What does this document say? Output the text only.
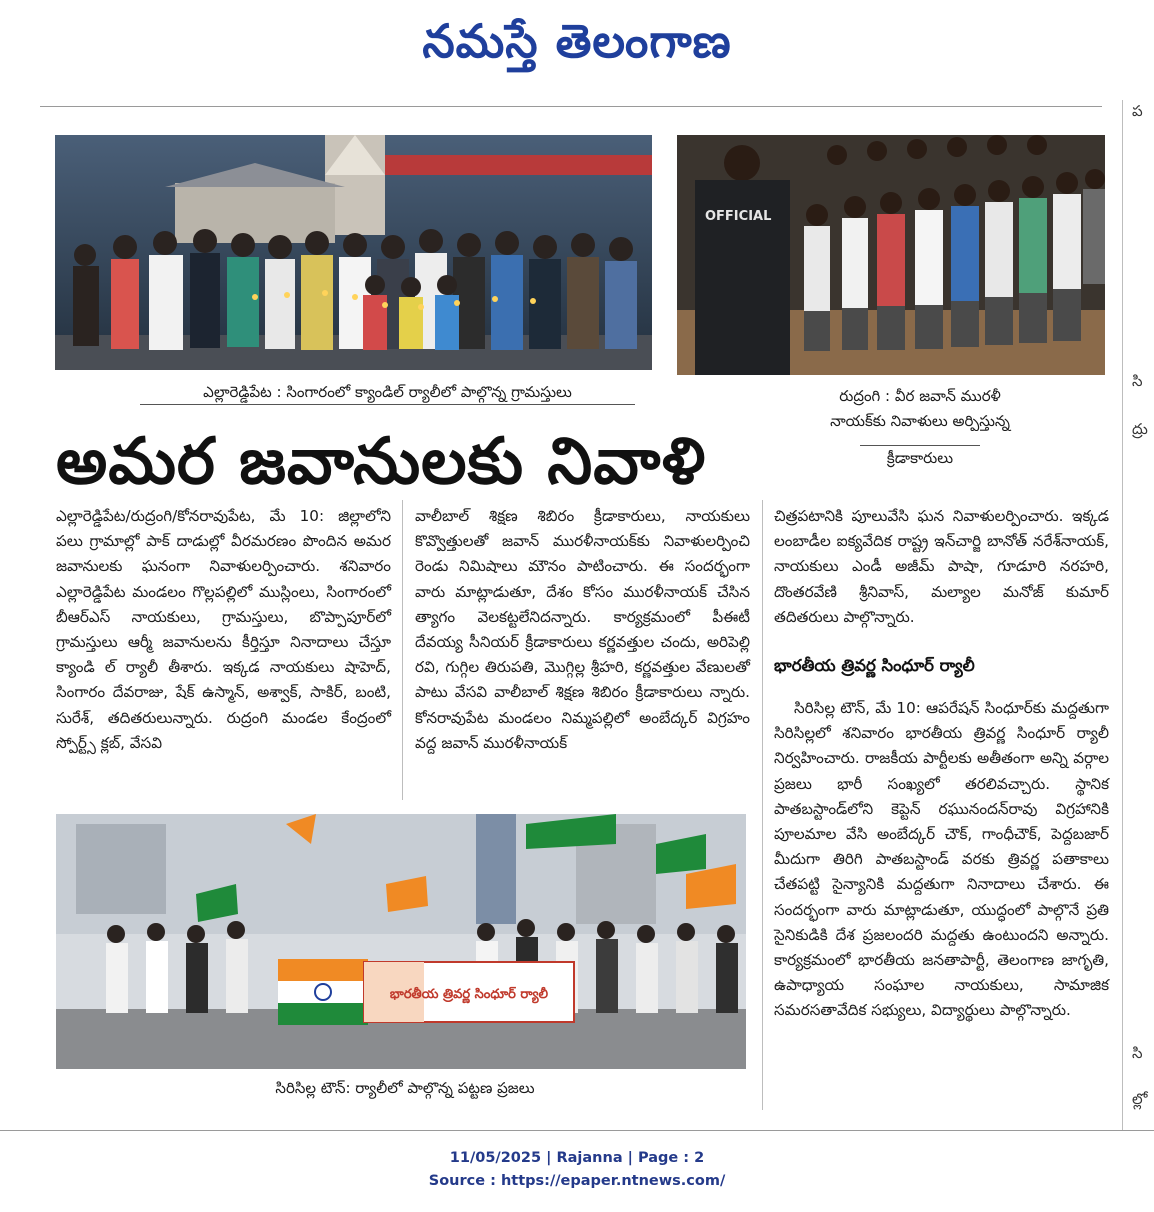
నమస్తే తెలంగాణ
ఎల్లారెడ్డిపేట : సింగారంలో క్యాండిల్ ర్యాలీలో పాల్గొన్న గ్రామస్తులు
OFFICIAL
రుద్రంగి : వీర జవాన్ మురళీ
నాయక్‌కు నివాళులు అర్పిస్తున్న
క్రీడాకారులు
అమర జవానులకు నివాళి

ఎల్లారెడ్డిపేట/రుద్రంగి/కోనరావుపేట, మే 10: జిల్లాలోని పలు గ్రామాల్లో పాక్ దాడుల్లో వీరమరణం పొందిన అమర జవానులకు ఘనంగా నివాళులర్పించారు. శనివారం ఎల్లారెడ్డిపేట మండలం గొల్లపల్లిలో ముస్లింలు, సింగారంలో బీఆర్‌ఎస్ నాయకులు, గ్రామస్తులు, బొప్పాపూర్‌లో గ్రామస్తులు ఆర్మీ జవానులను కీర్తిస్తూ నినాదాలు చేస్తూ క్యాండి ల్ ర్యాలీ తీశారు. ఇక్కడ నాయకులు షాహెద్, సింగారం దేవరాజు, షేక్ ఉస్మాన్, అశ్వాక్, సాకిర్, బంటి, సురేశ్, తదితరులున్నారు. రుద్రంగి మండల కేంద్రంలో స్పోర్ట్స్ క్లబ్, వేసవి

వాలీబాల్ శిక్షణ శిబిరం క్రీడాకారులు, నాయకులు కొవ్వొత్తులతో జవాన్ మురళీనాయక్‌కు నివాళులర్పించి రెండు నిమిషాలు మౌనం పాటించారు. ఈ సందర్భంగా వారు మాట్లాడుతూ, దేశం కోసం మురళీనాయక్ చేసిన త్యాగం వెలకట్టలేనిదన్నారు. కార్యక్రమంలో పీఈటీ దేవయ్య సీనియర్ క్రీడాకారులు కర్ణవత్తుల చందు, అరిపెల్లి రవి, గుగ్గిల తిరుపతి, మొగ్గిల్ల శ్రీహరి, కర్ణవత్తుల వేణులతో పాటు వేసవి వాలీబాల్ శిక్షణ శిబిరం క్రీడాకారులు న్నారు. కోనరావుపేట మండలం నిమ్మపల్లిలో అంబేద్కర్ విగ్రహం వద్ద జవాన్ మురళీనాయక్

చిత్రపటానికి పూలువేసి ఘన నివాళులర్పించారు. ఇక్కడ లంబాడీల ఐక్యవేదిక రాష్ట్ర ఇన్‌చార్జి బానోత్ నరేశ్‌నాయక్, నాయకులు ఎండీ అజీమ్ పాషా, గూడూరి నరహరి, దొంతరవేణి శ్రీనివాస్, మల్యాల మనోజ్ కుమార్ తదితరులు పాల్గొన్నారు.

భారతీయ త్రివర్ణ సింధూర్ ర్యాలీ

సిరిసిల్ల టౌన్, మే 10: ఆపరేషన్ సింధూర్‌కు మద్దతుగా సిరిసిల్లలో శనివారం భారతీయ త్రివర్ణ సింధూర్ ర్యాలీ నిర్వహించారు. రాజకీయ పార్టీలకు అతీతంగా అన్ని వర్గాల ప్రజలు భారీ సంఖ్యలో తరలివచ్చారు. స్థానిక పాతబస్టాండ్‌లోని కెప్టెన్ రఘునందన్‌రావు విగ్రహానికి పూలమాల వేసి అంబేద్కర్ చౌక్, గాంధీచౌక్, పెద్దబజార్ మీదుగా తిరిగి పాతబస్టాండ్ వరకు త్రివర్ణ పతాకాలు చేతపట్టి సైన్యానికి మద్దతుగా నినాదాలు చేశారు. ఈ సందర్భంగా వారు మాట్లాడుతూ, యుద్ధంలో పాల్గొనే ప్రతి సైనికుడికి దేశ ప్రజలందరి మద్దతు ఉంటుందని అన్నారు. కార్యక్రమంలో భారతీయ జనతాపార్టీ, తెలంగాణ జాగృతి, ఉపాధ్యాయ సంఘాల నాయకులు, సామాజిక సమరసతావేదిక సభ్యులు, విద్యార్థులు పాల్గొన్నారు.

భారతీయ త్రివర్ణ సింధూర్ ర్యాలీ
సిరిసిల్ల టౌన్: ర్యాలీలో పాల్గొన్న పట్టణ ప్రజలు
ప
సి
ద్రు
సి
ల్లో
11/05/2025 | Rajanna | Page : 2
Source : https://epaper.ntnews.com/
